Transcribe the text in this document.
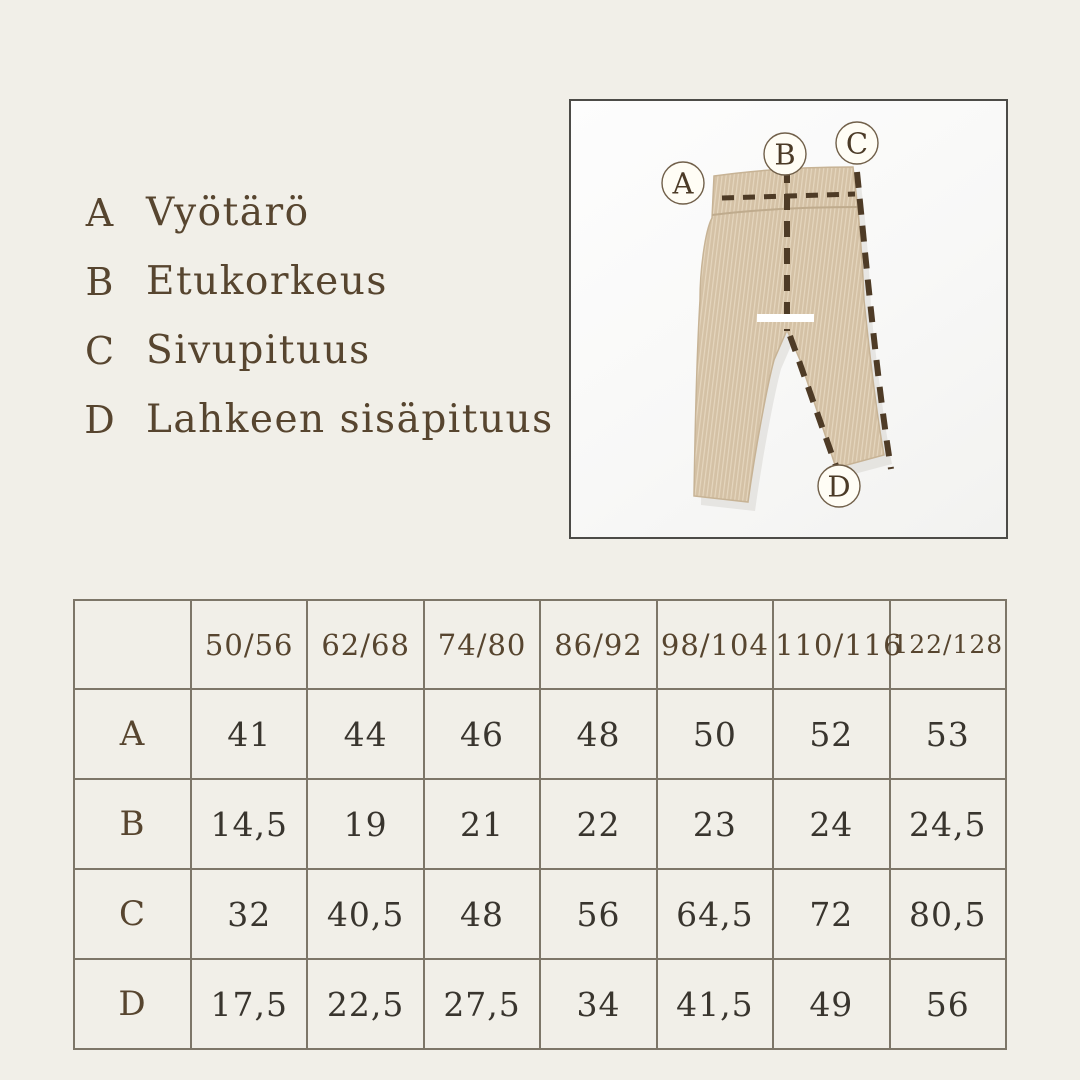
A Vyötärö
B Etukorkeus
C Sivupituus
D Lahkeen sisäpituus
A
B C
D
	50/56	62/68	74/80	86/92	98/104	110/116	122/128
A	41	44	46	48	50	52	53
B	14,5	19	21	22	23	24	24,5
C	32	40,5	48	56	64,5	72	80,5
D	17,5	22,5	27,5	34	41,5	49	56
